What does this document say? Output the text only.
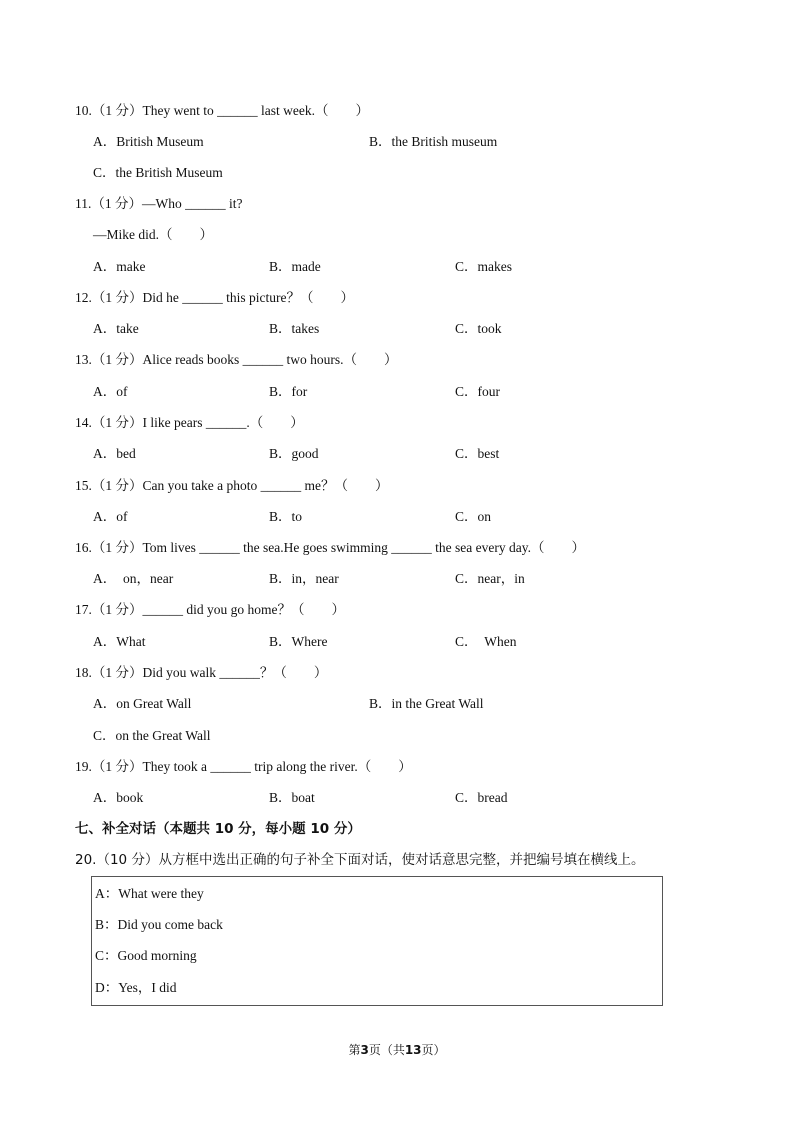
10.（1 分）They went to ______ last week.（　　）
A．British Museum	B．the British museum
C．the British Museum
11.（1 分）—Who ______ it?
—Mike did.（　　）
A．make	B．made	C．makes
12.（1 分）Did he ______ this picture？（　　）
A．take	B．takes	C．took
13.（1 分）Alice reads books ______ two hours.（　　）
A．of	B．for	C．four
14.（1 分）I like pears ______.（　　）
A．bed	B．good	C．best
15.（1 分）Can you take a photo ______ me？（　　）
A．of	B．to	C．on
16.（1 分）Tom lives ______ the sea.He goes swimming ______ the sea every day.（　　）
A．　on，near	B．in，near	C．near，in
17.（1 分）______ did you go home？（　　）
A．What	B．Where	C．　When
18.（1 分）Did you walk ______？（　　）
A．on Great Wall	B．in the Great Wall
C．on the Great Wall
19.（1 分）They took a ______ trip along the river.（　　）
A．book	B．boat	C．bread
七、补全对话（本题共 10 分，每小题 10 分）
20.（10 分）从方框中选出正确的句子补全下面对话，使对话意思完整，并把编号填在横线上。
A：What were they
B：Did you come back
C：Good morning
D：Yes，I did
第3页（共13页）
